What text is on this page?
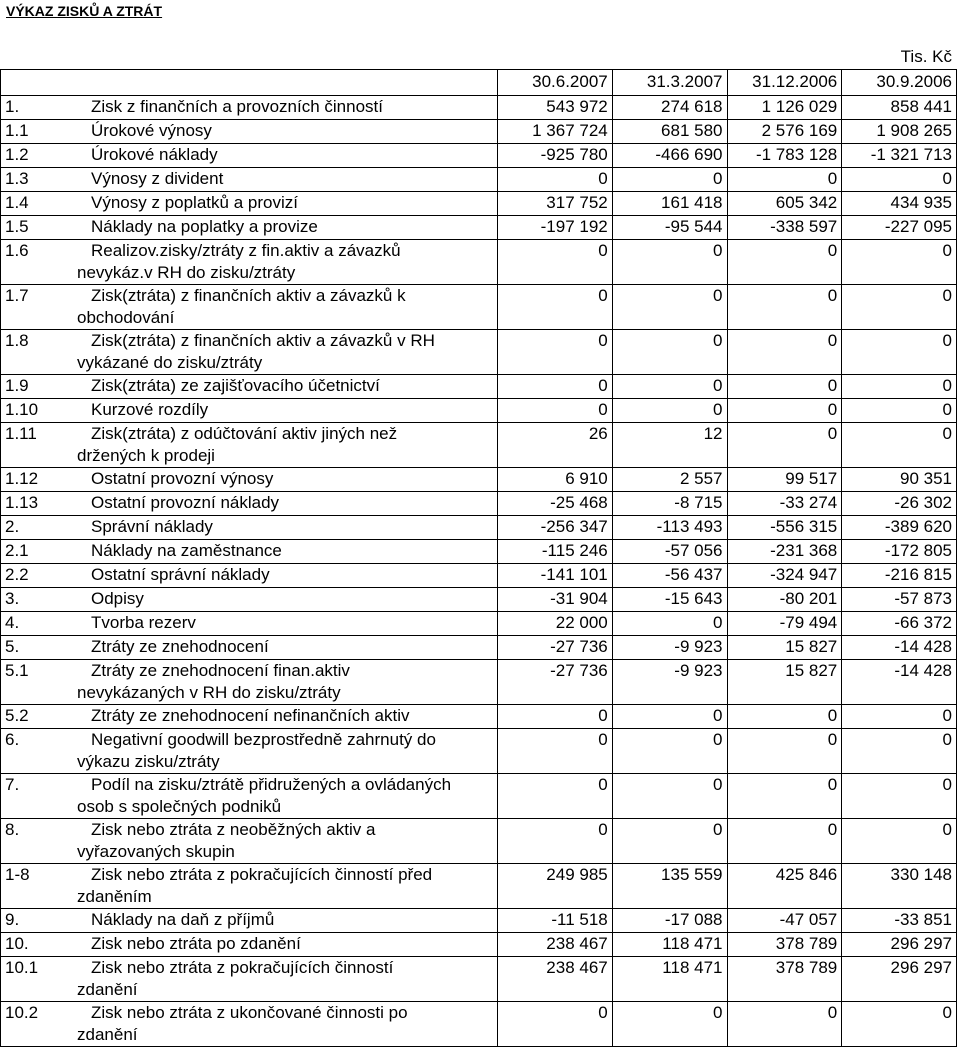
VÝKAZ ZISKŮ A ZTRÁT
Tis. Kč
	30.6.2007	31.3.2007	31.12.2006	30.9.2006

1. Zisk z finančních a provozních činností	543 972	274 618	1 126 029	858 441

1.1 Úrokové výnosy	1 367 724	681 580	2 576 169	1 908 265

1.2 Úrokové náklady	-925 780	-466 690	-1 783 128	-1 321 713

1.3 Výnosy z divident	0	0	0	0

1.4 Výnosy z poplatků a provizí	317 752	161 418	605 342	434 935

1.5 Náklady na poplatky a provize	-197 192	-95 544	-338 597	-227 095

1.6 Realizov.zisky/ztráty z fin.aktiv a závazků
nevykáz.v RH do zisku/ztráty	0	0	0	0

1.7 Zisk(ztráta) z finančních aktiv a závazků k
obchodování	0	0	0	0

1.8 Zisk(ztráta) z finančních aktiv a závazků v RH
vykázané do zisku/ztráty	0	0	0	0

1.9 Zisk(ztráta) ze zajišťovacího účetnictví	0	0	0	0

1.10 Kurzové rozdíly	0	0	0	0

1.11 Zisk(ztráta) z odúčtování aktiv jiných než
držených k prodeji	26	12	0	0

1.12 Ostatní provozní výnosy	6 910	2 557	99 517	90 351

1.13 Ostatní provozní náklady	-25 468	-8 715	-33 274	-26 302

2. Správní náklady	-256 347	-113 493	-556 315	-389 620

2.1 Náklady na zaměstnance	-115 246	-57 056	-231 368	-172 805

2.2 Ostatní správní náklady	-141 101	-56 437	-324 947	-216 815

3. Odpisy	-31 904	-15 643	-80 201	-57 873

4. Tvorba rezerv	22 000	0	-79 494	-66 372

5. Ztráty ze znehodnocení	-27 736	-9 923	15 827	-14 428

5.1 Ztráty ze znehodnocení finan.aktiv
nevykázaných v RH do zisku/ztráty	-27 736	-9 923	15 827	-14 428

5.2 Ztráty ze znehodnocení nefinančních aktiv	0	0	0	0

6. Negativní goodwill bezprostředně zahrnutý do
výkazu zisku/ztráty	0	0	0	0

7. Podíl na zisku/ztrátě přidružených a ovládaných
osob s společných podniků	0	0	0	0

8. Zisk nebo ztráta z neoběžných aktiv a
vyřazovaných skupin	0	0	0	0

1-8 Zisk nebo ztráta z pokračujících činností před
zdaněním	249 985	135 559	425 846	330 148

9. Náklady na daň z příjmů	-11 518	-17 088	-47 057	-33 851

10. Zisk nebo ztráta po zdanění	238 467	118 471	378 789	296 297

10.1 Zisk nebo ztráta z pokračujících činností
zdanění	238 467	118 471	378 789	296 297

10.2 Zisk nebo ztráta z ukončované činnosti po
zdanění	0	0	0	0
